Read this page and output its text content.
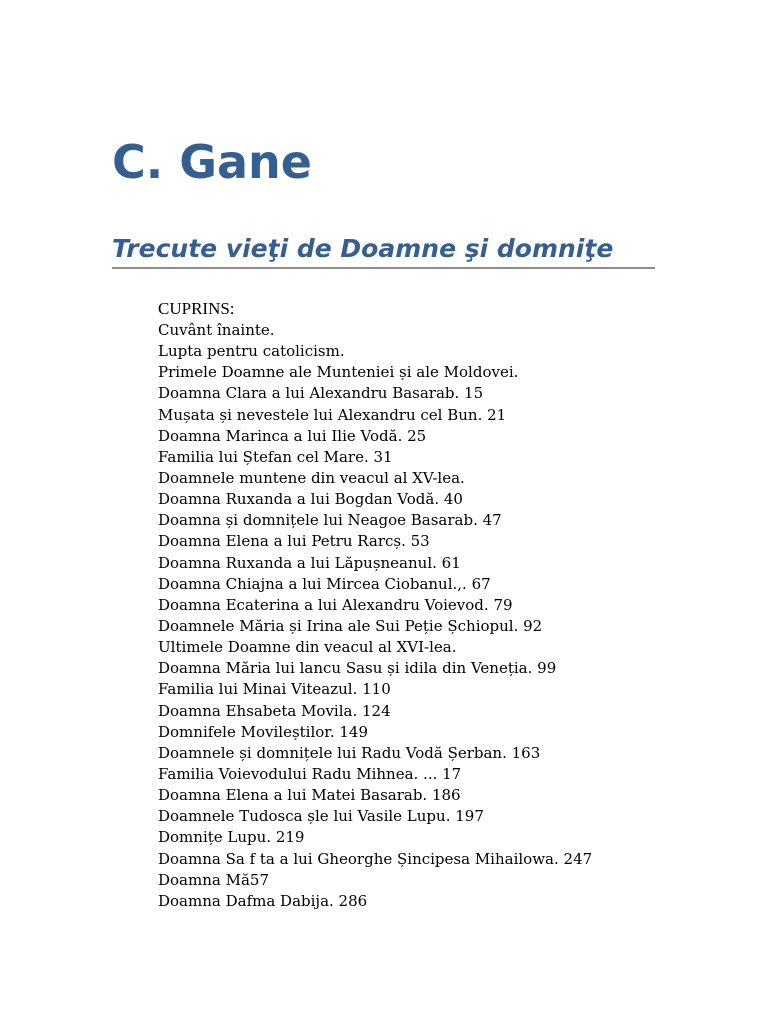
C. Gane
Trecute vieţi de Doamne şi domniţe
CUPRINS:
Cuvânt înainte.
Lupta pentru catolicism.
Primele Doamne ale Munteniei și ale Moldovei.
Doamna Clara a lui Alexandru Basarab. 15
Mușata și nevestele lui Alexandru cel Bun. 21
Doamna Marinca a lui Ilie Vodă. 25
Familia lui Ștefan cel Mare. 31
Doamnele muntene din veacul al XV-lea.
Doamna Ruxanda a lui Bogdan Vodă. 40
Doamna și domnițele lui Neagoe Basarab. 47
Doamna Elena a lui Petru Rarcș. 53
Doamna Ruxanda a lui Lăpușneanul. 61
Doamna Chiajna a lui Mircea Ciobanul.,. 67
Doamna Ecaterina a lui Alexandru Voievod. 79
Doamnele Măria și Irina ale Sui Peție Șchiopul. 92
Ultimele Doamne din veacul al XVI-lea.
Doamna Măria lui lancu Sasu și idila din Veneția. 99
Familia lui Minai Viteazul. 110
Doamna Ehsabeta Movila. 124
Domnifele Movileștilor. 149
Doamnele și domnițele lui Radu Vodă Șerban. 163
Familia Voievodului Radu Mihnea. ... 17
Doamna Elena a lui Matei Basarab. 186
Doamnele Tudosca șle lui Vasile Lupu. 197
Domnițe Lupu. 219
Doamna Sa f ta a lui Gheorghe Șincipesa Mihailowa. 247
Doamna Mă57
Doamna Dafma Dabija. 286
